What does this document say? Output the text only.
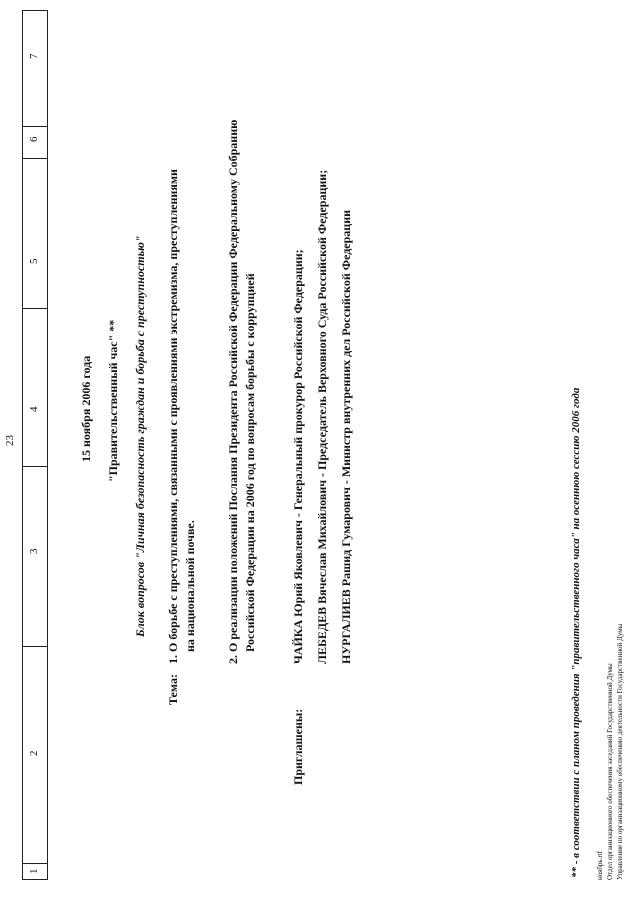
23
1
2
3
4
5
6
7
15 ноября 2006 года "Правительственный час" ** Блок вопросов "Личная безопасность граждан и борьба с преступностью"
Тема:
1. О борьбе с преступлениями, связанными с проявлениями экстремизма, преступлениями на национальной почве. 2. О реализации положений Послания Президента Российской Федерации Федеральному Собранию Российской Федерации на 2006 год по вопросам борьбы с коррупцией
Приглашены:
ЧАЙКА Юрий Яковлевич - Генеральный прокурор Российской Федерации; ЛЕБЕДЕВ Вячеслав Михайлович - Председатель Верховного Суда Российской Федерации; НУРГАЛИЕВ Рашид Гумарович - Министр внутренних дел Российской Федерации	** - в соответствии с планом проведения "правительственного часа" на осеннюю сессию 2006 года ноябрь.rtf Отдел организационного обеспечения заседаний Государственной Думы Управление по организационному обеспечению деятельности Государственной Думы
